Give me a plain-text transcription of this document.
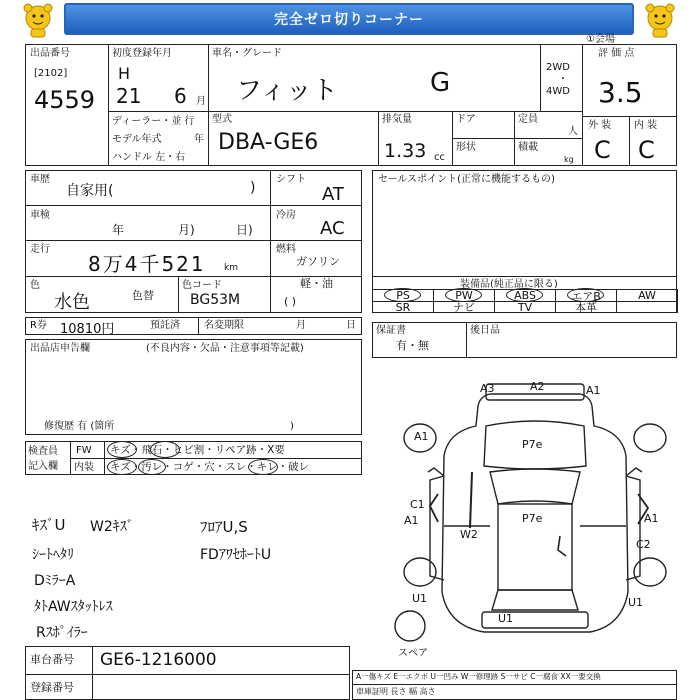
完全ゼロ切りコーナー
出品番号
[2102]
4559
初度登録年月
H
21 6 月
車名・グレード
フィット	G
2WD
・
4WD
ディーラー・並 行
モデル年式	年
ハンドル 左・右
型式
DBA-GE6
排気量
1.33 cc
ドア
形状
定員
人
積載
kg
①会場
評 価 点
3.5
外 装 内 装
C C
車歴
自家用(	)
車検
年	月)	日)
走行
8万4千521 km
色
水色	色替
色コード
BG53M
シフト
AT
冷房
AC
燃料
ガソリン
軽・油
( )
セールスポイント(正常に機能するもの)
装備品(純正品に限る)
PS	PW	ABS	エアB	AW
SR	ナビ	TV	本革
R券 10810円	預託済 名変期限	月	日 保証書
有・無
後日品
出品店申告欄	(不良内容・欠品・注意事項等記載)
修復歴 有 (箇所	)
検査員
記入欄
FW キズ・飛石・ヒビ割・リペア跡・X要
内装 キズ・汚レ・コゲ・穴・スレ・キレ・破レ
ｷｽﾞU W2ｷｽﾞ	ﾌﾛｱU,S
ｼｰﾄﾍﾀﾘ	FDｱﾜｾﾎｰﾄU
DﾐﾗｰA
ﾀﾄAWｽﾀｯﾄﾚｽ
Rｽﾎﾟｲﾗｰ
車台番号 GE6-1216000
登録番号
A3	A2	A1
A1
P7e
C1
A1	P7e	A1
W2
C2
U1
U1
U1
スペア
A一傷キズ E一エクボ U一凹み W一修理跡 S一サビ C一腐食 XX一要交換
車庫証明 長さ 幅 高さ
